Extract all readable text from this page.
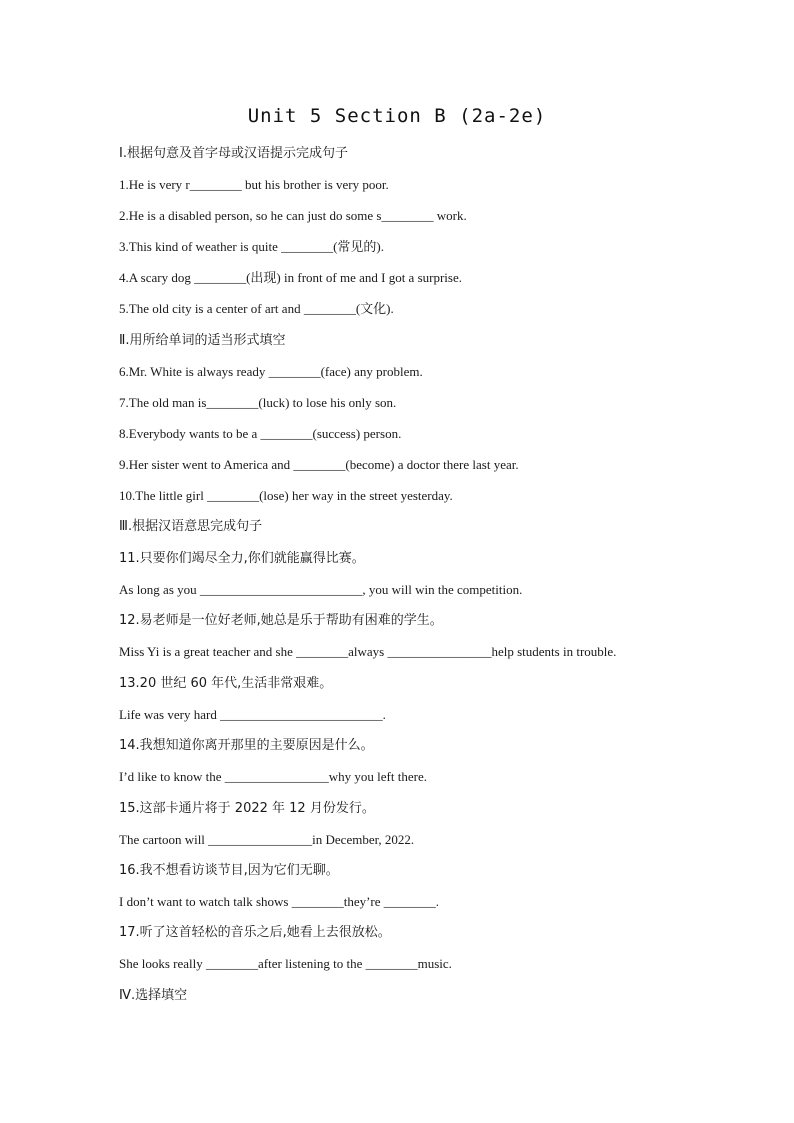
Unit 5 Section B (2a-2e)
Ⅰ.根据句意及首字母或汉语提示完成句子
1.He is very r________ but his brother is very poor.
2.He is a disabled person, so he can just do some s________ work.
3.This kind of weather is quite ________(常见的).
4.A scary dog ________(出现) in front of me and I got a surprise.
5.The old city is a center of art and ________(文化).
Ⅱ.用所给单词的适当形式填空
6.Mr. White is always ready ________(face) any problem.
7.The old man is________(luck) to lose his only son.
8.Everybody wants to be a ________(success) person.
9.Her sister went to America and ________(become) a doctor there last year.
10.The little girl ________(lose) her way in the street yesterday.
Ⅲ.根据汉语意思完成句子
11.只要你们竭尽全力,你们就能赢得比赛。
As long as you _________________________, you will win the competition.
12.易老师是一位好老师,她总是乐于帮助有困难的学生。
Miss Yi is a great teacher and she ________always ________________help students in trouble.
13.20 世纪 60 年代,生活非常艰难。
Life was very hard _________________________.
14.我想知道你离开那里的主要原因是什么。
I’d like to know the ________________why you left there.
15.这部卡通片将于 2022 年 12 月份发行。
The cartoon will ________________in December, 2022.
16.我不想看访谈节目,因为它们无聊。
I don’t want to watch talk shows ________they’re ________.
17.听了这首轻松的音乐之后,她看上去很放松。
She looks really ________after listening to the ________music.
Ⅳ.选择填空
